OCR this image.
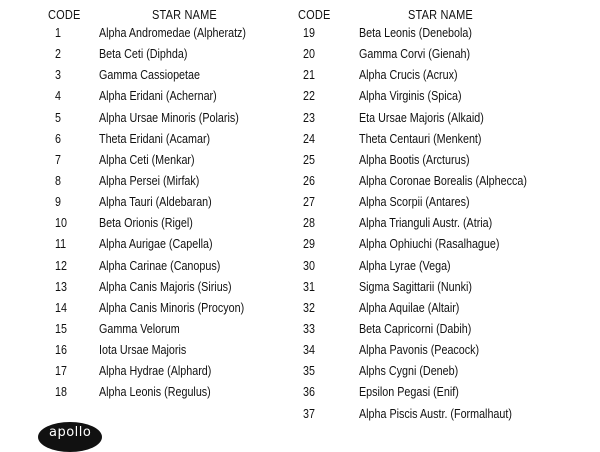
CODE	STAR NAME
1	Alpha Andromedae (Alpheratz)
2	Beta Ceti (Diphda)
3	Gamma Cassiopetae
4	Alpha Eridani (Achernar)
5	Alpha Ursae Minoris (Polaris)
6	Theta Eridani (Acamar)
7	Alpha Ceti (Menkar)
8	Alpha Persei (Mirfak)
9	Alpha Tauri (Aldebaran)
10	Beta Orionis (Rigel)
11	Alpha Aurigae (Capella)
12	Alpha Carinae (Canopus)
13	Alpha Canis Majoris (Sirius)
14	Alpha Canis Minoris (Procyon)
15	Gamma Velorum
16	Iota Ursae Majoris
17	Alpha Hydrae (Alphard)
18	Alpha Leonis (Regulus)
CODE	STAR NAME
19	Beta Leonis (Denebola)
20	Gamma Corvi (Gienah)
21	Alpha Crucis (Acrux)
22	Alpha Virginis (Spica)
23	Eta Ursae Majoris (Alkaid)
24	Theta Centauri (Menkent)
25	Alpha Bootis (Arcturus)
26	Alpha Coronae Borealis (Alphecca)
27	Alpha Scorpii (Antares)
28	Alpha Trianguli Austr. (Atria)
29	Alpha Ophiuchi (Rasalhague)
30	Alpha Lyrae (Vega)
31	Sigma Sagittarii (Nunki)
32	Alpha Aquilae (Altair)
33	Beta Capricorni (Dabih)
34	Alpha Pavonis (Peacock)
35	Alphs Cygni (Deneb)
36	Epsilon Pegasi (Enif)
37	Alpha Piscis Austr. (Formalhaut)
apollo
